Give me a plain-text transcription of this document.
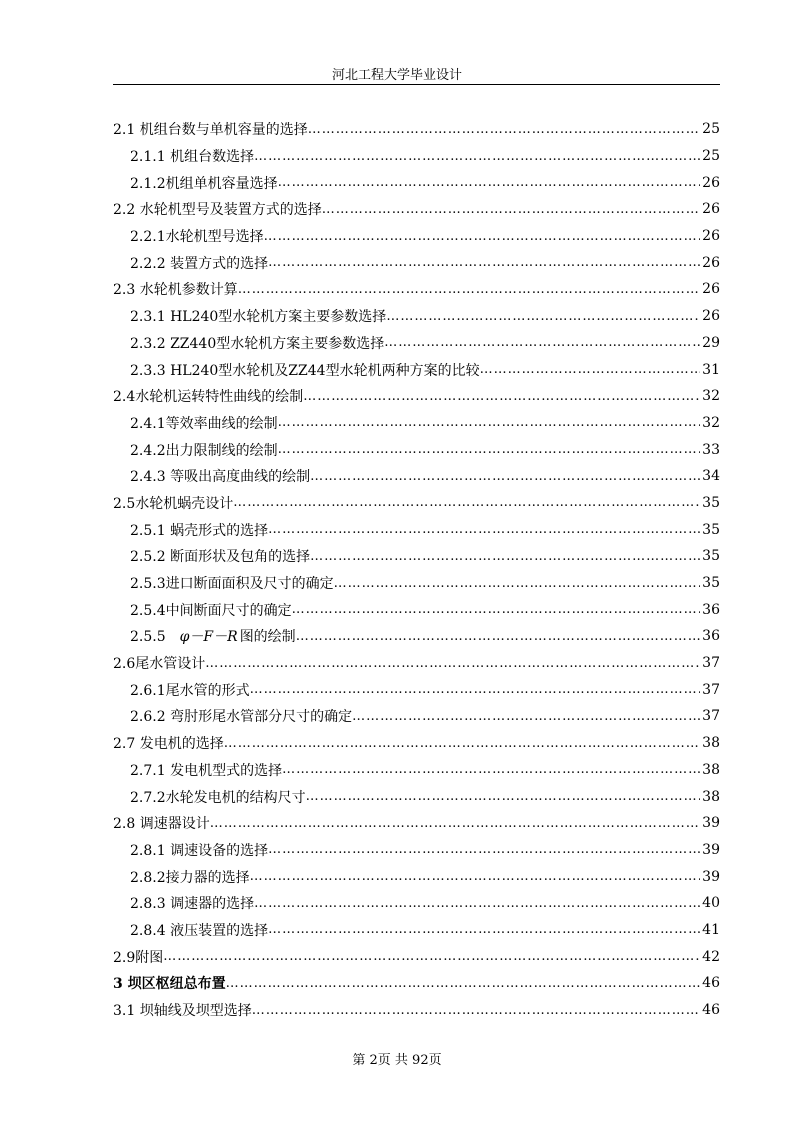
河北工程大学毕业设计
2.1 机组台数与单机容量的选择 ………………………………………………………………………………………………………………………………………………………………………………	25
2.1.1 机组台数选择 ………………………………………………………………………………………………………………………………………………………………………………	25
2.1.2机组单机容量选择 ………………………………………………………………………………………………………………………………………………………………………………	26
2.2 水轮机型号及装置方式的选择 ………………………………………………………………………………………………………………………………………………………………………………	26
2.2.1水轮机型号选择 ………………………………………………………………………………………………………………………………………………………………………………	26
2.2.2 装置方式的选择 ………………………………………………………………………………………………………………………………………………………………………………	26
2.3 水轮机参数计算 ………………………………………………………………………………………………………………………………………………………………………………	26
2.3.1 HL240型水轮机方案主要参数选择 ………………………………………………………………………………………………………………………………………………………………………………	26
2.3.2 ZZ440型水轮机方案主要参数选择 ………………………………………………………………………………………………………………………………………………………………………………	29
2.3.3 HL240型水轮机及ZZ44型水轮机两种方案的比较 ………………………………………………………………………………………………………………………………………………………………………………	31
2.4水轮机运转特性曲线的绘制 ………………………………………………………………………………………………………………………………………………………………………………	32
2.4.1等效率曲线的绘制 ………………………………………………………………………………………………………………………………………………………………………………	32
2.4.2出力限制线的绘制 ………………………………………………………………………………………………………………………………………………………………………………	33
2.4.3 等吸出高度曲线的绘制 ………………………………………………………………………………………………………………………………………………………………………………	34
2.5水轮机蜗壳设计 ………………………………………………………………………………………………………………………………………………………………………………	35
2.5.1 蜗壳形式的选择 ………………………………………………………………………………………………………………………………………………………………………………	35
2.5.2 断面形状及包角的选择 ………………………………………………………………………………………………………………………………………………………………………………	35
2.5.3进口断面面积及尺寸的确定 ………………………………………………………………………………………………………………………………………………………………………………	35
2.5.4中间断面尺寸的确定 ………………………………………………………………………………………………………………………………………………………………………………	36
2.5.5 φ－F－R 图的绘制 ………………………………………………………………………………………………………………………………………………………………………………	36
2.6尾水管设计 ………………………………………………………………………………………………………………………………………………………………………………	37
2.6.1尾水管的形式 ………………………………………………………………………………………………………………………………………………………………………………	37
2.6.2 弯肘形尾水管部分尺寸的确定 ………………………………………………………………………………………………………………………………………………………………………………	37
2.7 发电机的选择 ………………………………………………………………………………………………………………………………………………………………………………	38
2.7.1 发电机型式的选择 ………………………………………………………………………………………………………………………………………………………………………………	38
2.7.2水轮发电机的结构尺寸 ………………………………………………………………………………………………………………………………………………………………………………	38
2.8 调速器设计 ………………………………………………………………………………………………………………………………………………………………………………	39
2.8.1 调速设备的选择 ………………………………………………………………………………………………………………………………………………………………………………	39
2.8.2接力器的选择 ………………………………………………………………………………………………………………………………………………………………………………	39
2.8.3 调速器的选择 ………………………………………………………………………………………………………………………………………………………………………………	40
2.8.4 液压装置的选择 ………………………………………………………………………………………………………………………………………………………………………………	41
2.9附图 ………………………………………………………………………………………………………………………………………………………………………………	42
3 坝区枢纽总布置 ………………………………………………………………………………………………………………………………………………………………………………	46
3.1 坝轴线及坝型选择 ………………………………………………………………………………………………………………………………………………………………………………	46
第 2页 共 92页
